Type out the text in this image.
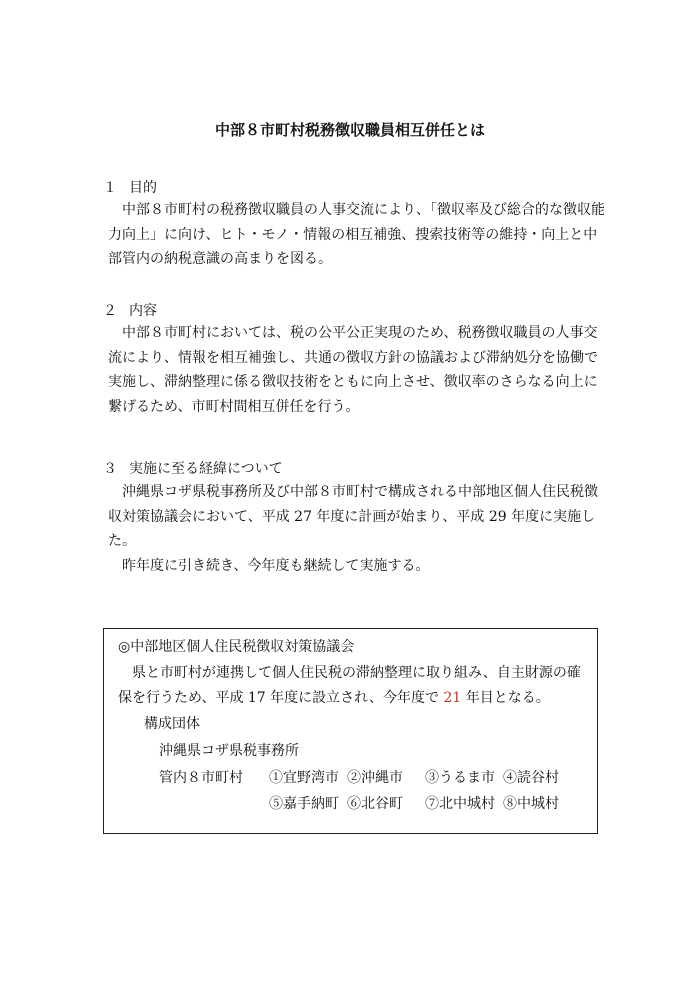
中部８市町村税務徴収職員相互併任とは
１ 目的

中部８市町村の税務徴収職員の人事交流により、「徴収率及び総合的な徴収能力向上」に向け、ヒト・モノ・情報の相互補強、捜索技術等の維持・向上と中部管内の納税意識の高まりを図る。

２ 内容

中部８市町村においては、税の公平公正実現のため、税務徴収職員の人事交流により、情報を相互補強し、共通の徴収方針の協議および滞納処分を協働で実施し、滞納整理に係る徴収技術をともに向上させ、徴収率のさらなる向上に繋げるため、市町村間相互併任を行う。

３ 実施に至る経緯について

沖縄県コザ県税事務所及び中部８市町村で構成される中部地区個人住民税徴収対策協議会において、平成 27 年度に計画が始まり、平成 29 年度に実施した。

昨年度に引き続き、今年度も継続して実施する。

◎中部地区個人住民税徴収対策協議会
県と市町村が連携して個人住民税の滞納整理に取り組み、自主財源の確保を行うため、平成 17 年度に設立され、今年度で 21 年目となる。
構成団体
沖縄県コザ県税事務所
管内８市町村 ①宜野湾市 ②沖縄市 ③うるま市 ④読谷村
⑤嘉手納町 ⑥北谷町 ⑦北中城村 ⑧中城村
